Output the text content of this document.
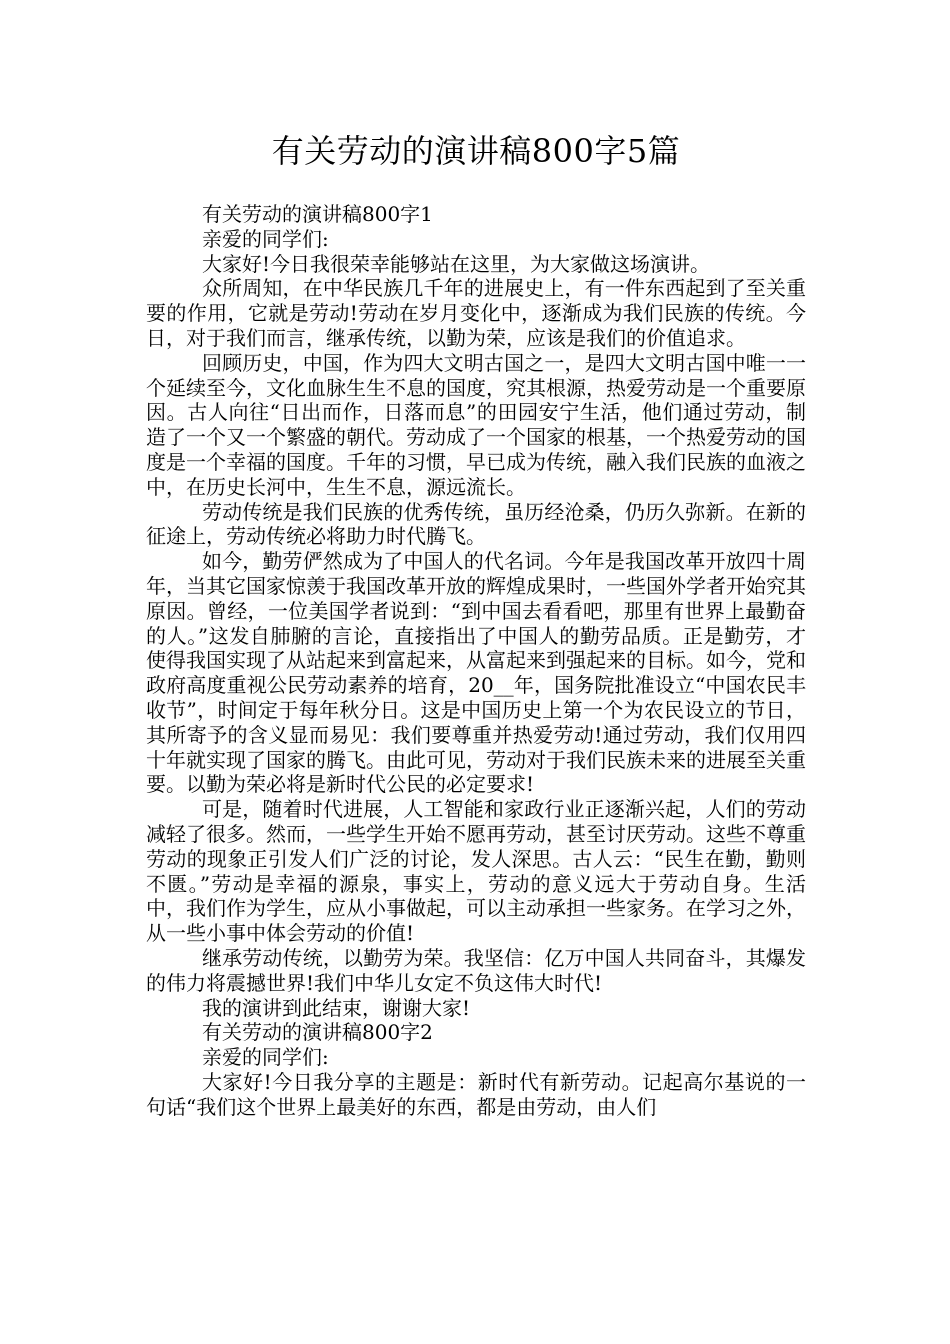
有关劳动的演讲稿800字5篇

有关劳动的演讲稿800字1

亲爱的同学们:

大家好!今日我很荣幸能够站在这里，为大家做这场演讲。

众所周知，在中华民族几千年的进展史上，有一件东西起到了至关重要的作用，它就是劳动!劳动在岁月变化中，逐渐成为我们民族的传统。今日，对于我们而言，继承传统，以勤为荣，应该是我们的价值追求。

回顾历史，中国，作为四大文明古国之一，是四大文明古国中唯一一个延续至今，文化血脉生生不息的国度，究其根源，热爱劳动是一个重要原因。古人向往“日出而作，日落而息”的田园安宁生活，他们通过劳动，制造了一个又一个繁盛的朝代。劳动成了一个国家的根基，一个热爱劳动的国度是一个幸福的国度。千年的习惯，早已成为传统，融入我们民族的血液之中，在历史长河中，生生不息，源远流长。

劳动传统是我们民族的优秀传统，虽历经沧桑，仍历久弥新。在新的征途上，劳动传统必将助力时代腾飞。

如今，勤劳俨然成为了中国人的代名词。今年是我国改革开放四十周年，当其它国家惊羡于我国改革开放的辉煌成果时，一些国外学者开始究其原因。曾经，一位美国学者说到：“到中国去看看吧，那里有世界上最勤奋的人。”这发自肺腑的言论，直接指出了中国人的勤劳品质。正是勤劳，才使得我国实现了从站起来到富起来，从富起来到强起来的目标。如今，党和政府高度重视公民劳动素养的培育，20__年，国务院批准设立“中国农民丰收节”，时间定于每年秋分日。这是中国历史上第一个为农民设立的节日，其所寄予的含义显而易见：我们要尊重并热爱劳动!通过劳动，我们仅用四十年就实现了国家的腾飞。由此可见，劳动对于我们民族未来的进展至关重要。以勤为荣必将是新时代公民的必定要求!

可是，随着时代进展，人工智能和家政行业正逐渐兴起，人们的劳动减轻了很多。然而，一些学生开始不愿再劳动，甚至讨厌劳动。这些不尊重劳动的现象正引发人们广泛的讨论，发人深思。古人云：“民生在勤，勤则不匮。”劳动是幸福的源泉，事实上，劳动的意义远大于劳动自身。生活中，我们作为学生，应从小事做起，可以主动承担一些家务。在学习之外，从一些小事中体会劳动的价值!

继承劳动传统，以勤劳为荣。我坚信：亿万中国人共同奋斗，其爆发的伟力将震撼世界!我们中华儿女定不负这伟大时代!

我的演讲到此结束，谢谢大家!

有关劳动的演讲稿800字2

亲爱的同学们:

大家好!今日我分享的主题是：新时代有新劳动。记起高尔基说的一句话“我们这个世界上最美好的东西，都是由劳动，由人们
